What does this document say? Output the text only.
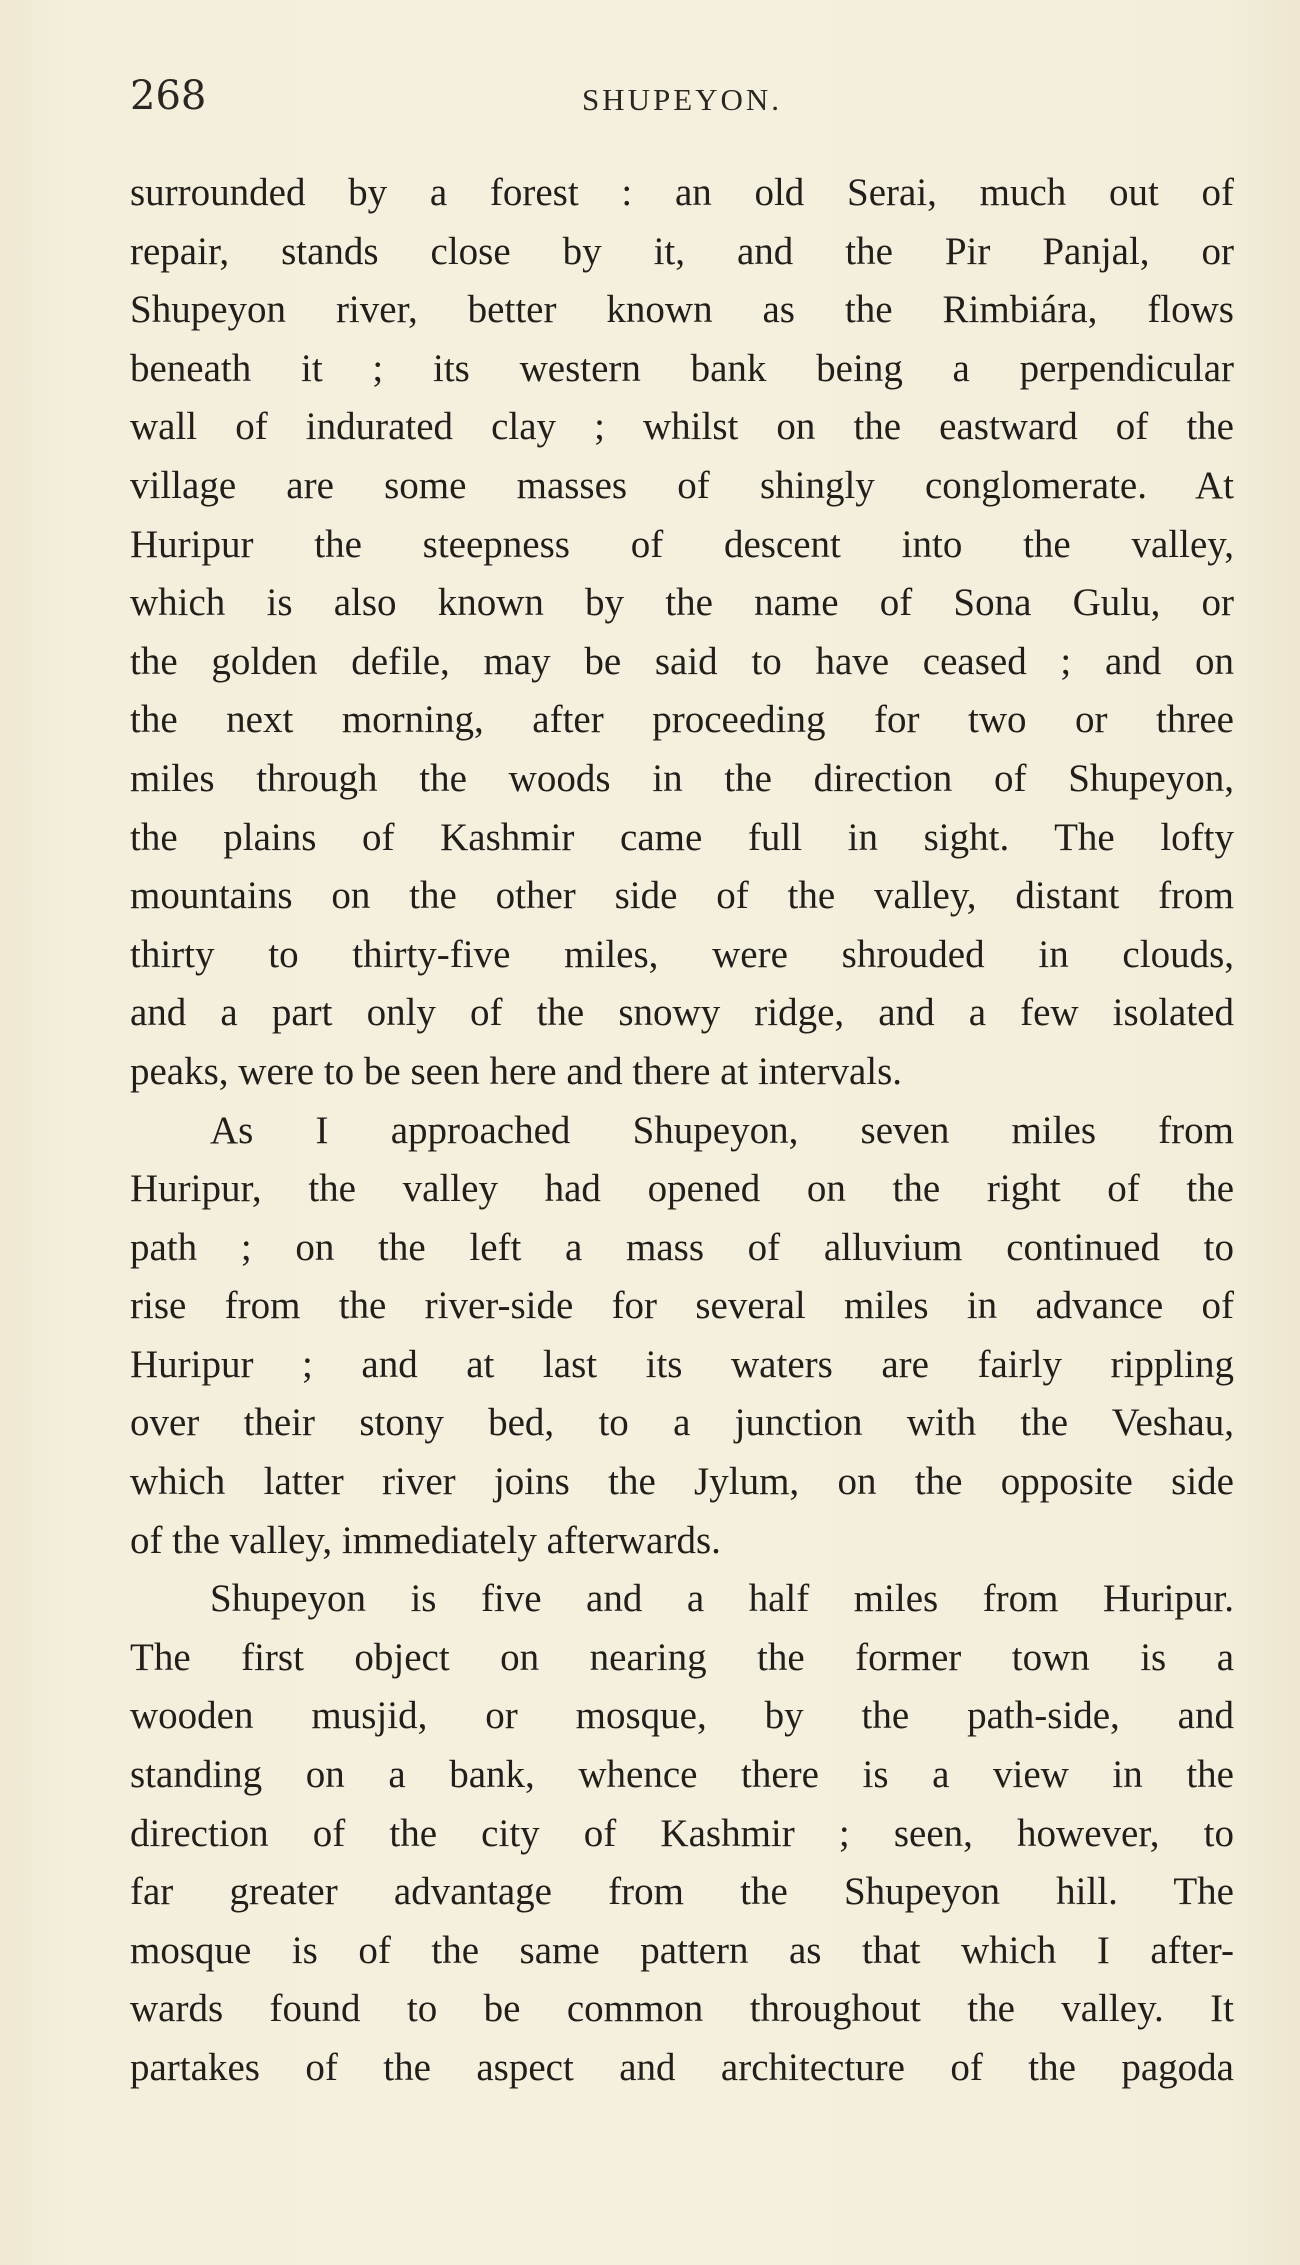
268	SHUPEYON.
surrounded by a forest : an old Serai, much out of
repair, stands close by it, and the Pir Panjal, or
Shupeyon river, better known as the Rimbiára, flows
beneath it ; its western bank being a perpendicular
wall of indurated clay ; whilst on the eastward of the
village are some masses of shingly conglomerate. At
Huripur the steepness of descent into the valley,
which is also known by the name of Sona Gulu, or
the golden defile, may be said to have ceased ; and on
the next morning, after proceeding for two or three
miles through the woods in the direction of Shupeyon,
the plains of Kashmir came full in sight. The lofty
mountains on the other side of the valley, distant from
thirty to thirty-five miles, were shrouded in clouds,
and a part only of the snowy ridge, and a few isolated
peaks, were to be seen here and there at intervals.
As I approached Shupeyon, seven miles from
Huripur, the valley had opened on the right of the
path ; on the left a mass of alluvium continued to
rise from the river-side for several miles in advance of
Huripur ; and at last its waters are fairly rippling
over their stony bed, to a junction with the Veshau,
which latter river joins the Jylum, on the opposite side
of the valley, immediately afterwards.
Shupeyon is five and a half miles from Huripur.
The first object on nearing the former town is a
wooden musjid, or mosque, by the path-side, and
standing on a bank, whence there is a view in the
direction of the city of Kashmir ; seen, however, to
far greater advantage from the Shupeyon hill. The
mosque is of the same pattern as that which I after-
wards found to be common throughout the valley. It
partakes of the aspect and architecture of the pagoda
